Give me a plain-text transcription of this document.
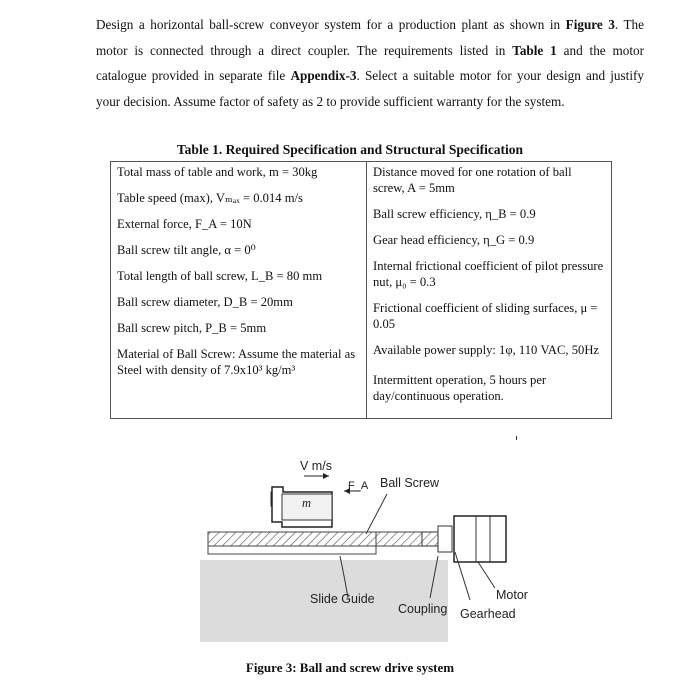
Design a horizontal ball-screw conveyor system for a production plant as shown in Figure 3. The motor is connected through a direct coupler. The requirements listed in Table 1 and the motor catalogue provided in separate file Appendix-3. Select a suitable motor for your design and justify your decision. Assume factor of safety as 2 to provide sufficient warranty for the system.
Table 1. Required Specification and Structural Specification
Total mass of table and work, m = 30kg
Table speed (max), Vₘₐₓ = 0.014 m/s
External force, F_A = 10N
Ball screw tilt angle, α = 0⁰
Total length of ball screw, L_B = 80 mm
Ball screw diameter, D_B = 20mm
Ball screw pitch, P_B = 5mm
Material of Ball Screw: Assume the material as Steel with density of 7.9x10³ kg/m³

Distance moved for one rotation of ball screw, A = 5mm
Ball screw efficiency, η_B = 0.9
Gear head efficiency, η_G = 0.9
Internal frictional coefficient of pilot pressure nut, μ₀ = 0.3
Frictional coefficient of sliding surfaces, μ = 0.05
Available power supply: 1φ, 110 VAC, 50Hz
Intermittent operation, 5 hours per day/continuous operation.
V m/s
F_A
m
Ball Screw
Slide Guide
Coupling Gearhead
Motor
Figure 3: Ball and screw drive system
